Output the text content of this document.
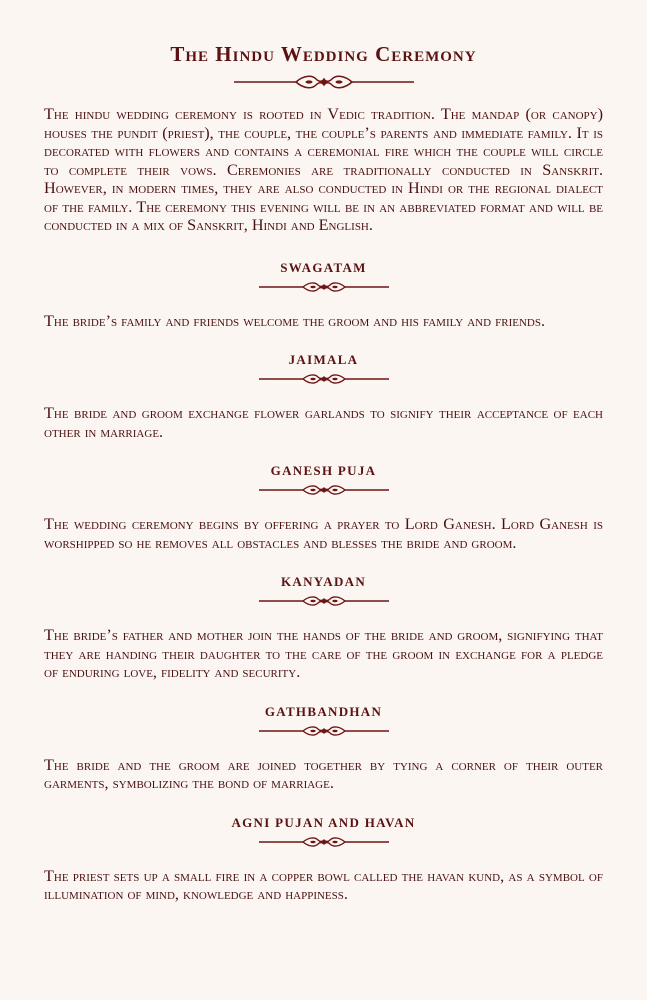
The Hindu Wedding Ceremony

The hindu wedding ceremony is rooted in Vedic tradition. The mandap (or canopy) houses the pundit (priest), the couple, the couple’s parents and immediate family. It is decorated with flowers and contains a ceremonial fire which the couple will circle to complete their vows. Ceremonies are traditionally conducted in Sanskrit. However, in modern times, they are also conducted in Hindi or the regional dialect of the family. The ceremony this evening will be in an abbreviated format and will be conducted in a mix of Sanskrit, Hindi and English.

SWAGATAM

The bride’s family and friends welcome the groom and his family and friends.

JAIMALA

The bride and groom exchange flower garlands to signify their acceptance of each other in marriage.

GANESH PUJA

The wedding ceremony begins by offering a prayer to Lord Ganesh. Lord Ganesh is worshipped so he removes all obstacles and blesses the bride and groom.

KANYADAN

The bride’s father and mother join the hands of the bride and groom, signifying that they are handing their daughter to the care of the groom in exchange for a pledge of enduring love, fidelity and security.

GATHBANDHAN

The bride and the groom are joined together by tying a corner of their outer garments, symbolizing the bond of marriage.

AGNI PUJAN AND HAVAN

The priest sets up a small fire in a copper bowl called the havan kund, as a symbol of illumination of mind, knowledge and happiness.
